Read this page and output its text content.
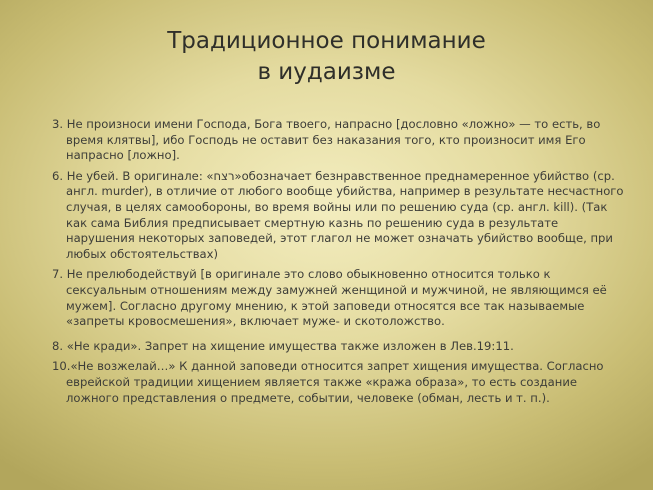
Традиционное понимание
в иудаизме
3. Не произноси имени Господа, Бога твоего, напрасно [дословно «ложно» — то есть, во время клятвы], ибо Господь не оставит без наказания того, кто произносит имя Его напрасно [ложно].
6. Не убей. В оригинале: «רצח»обозначает безнравственное преднамеренное убийство (ср. англ. murder), в отличие от любого вообще убийства, например в результате несчастного случая, в целях самообороны, во время войны или по решению суда (ср. англ. kill). (Так как сама Библия предписывает смертную казнь по решению суда в результате нарушения некоторых заповедей, этот глагол не может означать убийство вообще, при любых обстоятельствах)
7. Не прелюбодействуй [в оригинале это слово обыкновенно относится только к сексуальным отношениям между замужней женщиной и мужчиной, не являющимся её мужем]. Согласно другому мнению, к этой заповеди относятся все так называемые «запреты кровосмешения», включает муже- и скотоложство.
8. «Не кради». Запрет на хищение имущества также изложен в Лев.19:11.
10.«Не возжелай…» К данной заповеди относится запрет хищения имущества. Согласно еврейской традиции хищением является также «кража образа», то есть создание ложного представления о предмете, событии, человеке (обман, лесть и т. п.).
